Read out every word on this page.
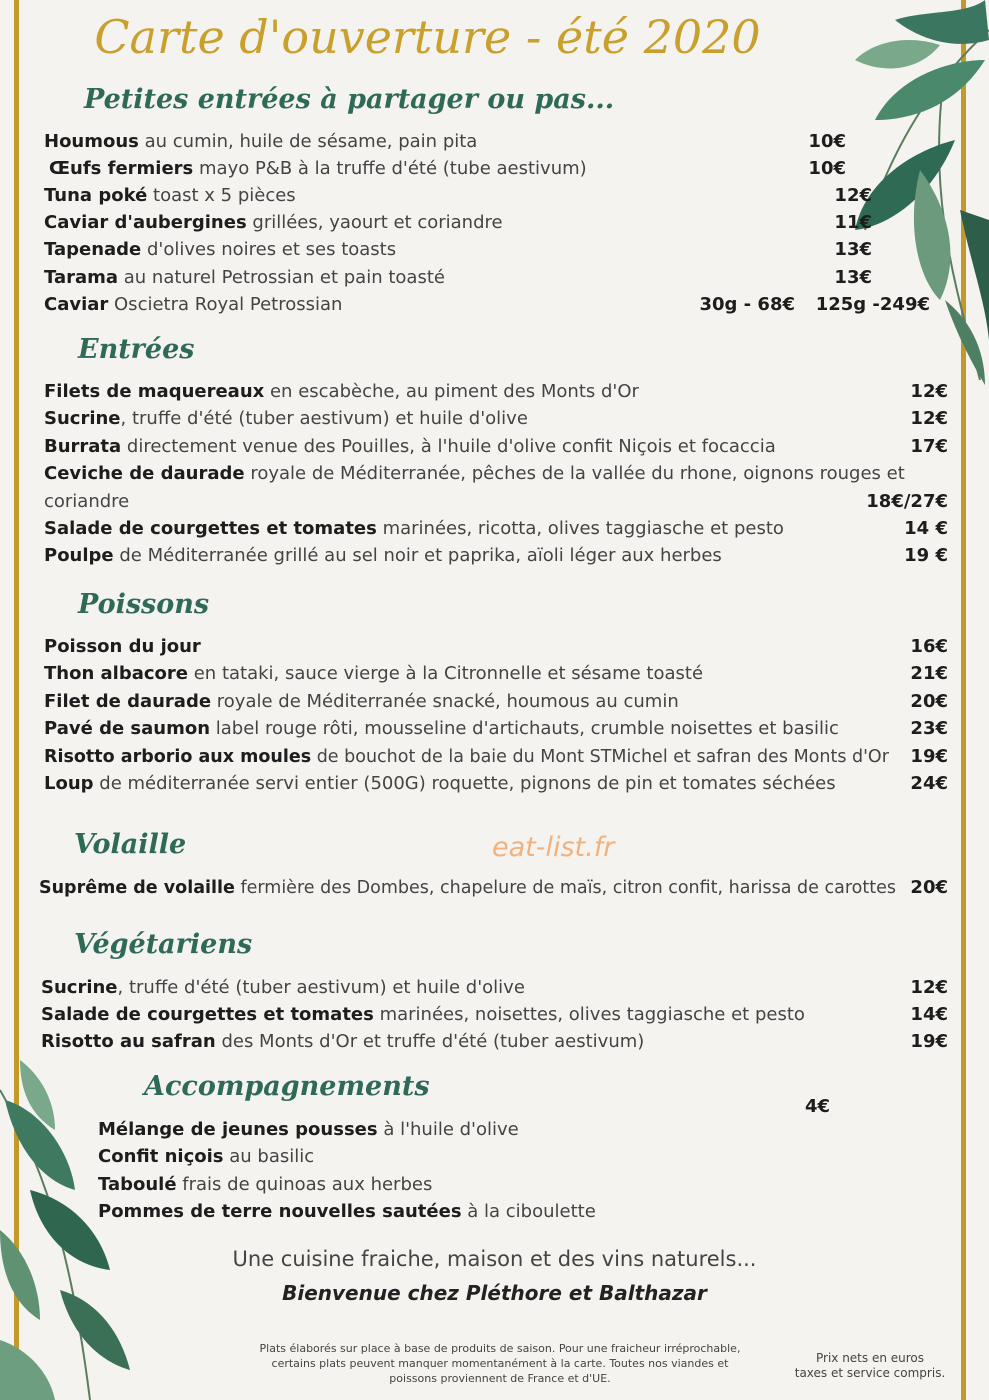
Carte d'ouverture - été 2020
Petites entrées à partager ou pas...
Entrées
Poissons
Volaille	eat-list.fr
Végétariens
Accompagnements
4€
Houmous au cumin, huile de sésame, pain pita	10€
Œufs fermiers mayo P&B à la truffe d'été (tube aestivum)	10€
Tuna poké toast x 5 pièces	12€
Caviar d'aubergines grillées, yaourt et coriandre	11€
Tapenade d'olives noires et ses toasts	13€
Tarama au naturel Petrossian et pain toasté	13€
Caviar Oscietra Royal Petrossian	30g - 68€	125g -249€
Filets de maquereaux en escabèche, au piment des Monts d'Or	12€
Sucrine, truffe d'été (tuber aestivum) et huile d'olive	12€
Burrata directement venue des Pouilles, à l'huile d'olive confit Niçois et focaccia	17€
Ceviche de daurade royale de Méditerranée, pêches de la vallée du rhone, oignons rouges et
coriandre	18€/27€
Salade de courgettes et tomates marinées, ricotta, olives taggiasche et pesto	14 €
Poulpe de Méditerranée grillé au sel noir et paprika, aïoli léger aux herbes	19 €
Poisson du jour	16€
Thon albacore en tataki, sauce vierge à la Citronnelle et sésame toasté	21€
Filet de daurade royale de Méditerranée snacké, houmous au cumin	20€
Pavé de saumon label rouge rôti, mousseline d'artichauts, crumble noisettes et basilic	23€
Risotto arborio aux moules de bouchot de la baie du Mont STMichel et safran des Monts d'Or	19€
Loup de méditerranée servi entier (500G) roquette, pignons de pin et tomates séchées	24€
Suprême de volaille fermière des Dombes, chapelure de maïs, citron confit, harissa de carottes 20€
Sucrine, truffe d'été (tuber aestivum) et huile d'olive	12€
Salade de courgettes et tomates marinées, noisettes, olives taggiasche et pesto	14€
Risotto au safran des Monts d'Or et truffe d'été (tuber aestivum)	19€
Mélange de jeunes pousses à l'huile d'olive
Confit niçois au basilic
Taboulé frais de quinoas aux herbes
Pommes de terre nouvelles sautées à la ciboulette
Une cuisine fraiche, maison et des vins naturels...
Bienvenue chez Pléthore et Balthazar
Plats élaborés sur place à base de produits de saison. Pour une fraicheur irréprochable,
certains plats peuvent manquer momentanément à la carte. Toutes nos viandes et
poissons proviennent de France et d'UE.
Prix nets en euros
taxes et service compris.
